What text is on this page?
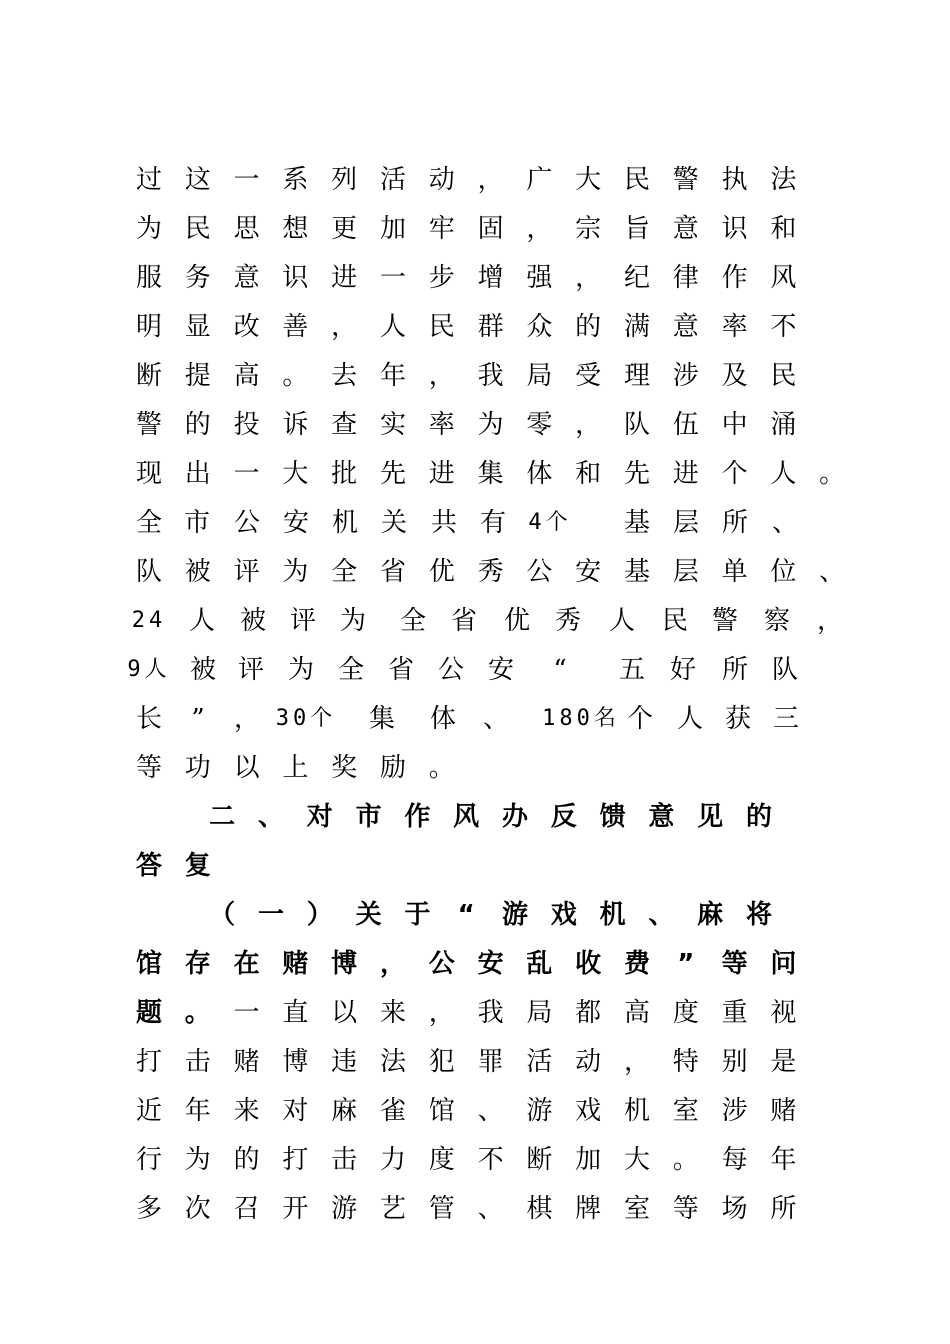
过 这 一 系 列 活 动 ， 广 大 民 警 执 法
为 民 思 想 更 加 牢 固 ， 宗 旨 意 识 和
服 务 意 识 进 一 步 增 强 ， 纪 律 作 风
明 显 改 善 ， 人 民 群 众 的 满 意 率 不
断 提 高 。 去 年 ， 我 局 受 理 涉 及 民
警 的 投 诉 查 实 率 为 零 ， 队 伍 中 涌
现 出 一 大 批 先 进 集 体 和 先 进 个 人 。
全 市 公 安 机 关 共 有 4个 基 层 所 、
队 被 评 为 全 省 优 秀 公 安 基 层 单 位 、
24 人 被 评 为 全 省 优 秀 人 民 警 察 ，
9人 被 评 为 全 省 公 安 “ 五 好 所 队
长 ” ， 30个 集 体 、 180名 个 人 获 三
等 功 以 上 奖 励 。
二 、 对 市 作 风 办 反 馈 意 见 的
答 复
（ 一 ） 关 于 “ 游 戏 机 、 麻 将
馆 存 在 赌 博 ， 公 安 乱 收 费 ” 等 问
题 。 一 直 以 来 ， 我 局 都 高 度 重 视
打 击 赌 博 违 法 犯 罪 活 动 ， 特 别 是
近 年 来 对 麻 雀 馆 、 游 戏 机 室 涉 赌
行 为 的 打 击 力 度 不 断 加 大 。 每 年
多 次 召 开 游 艺 管 、 棋 牌 室 等 场 所
